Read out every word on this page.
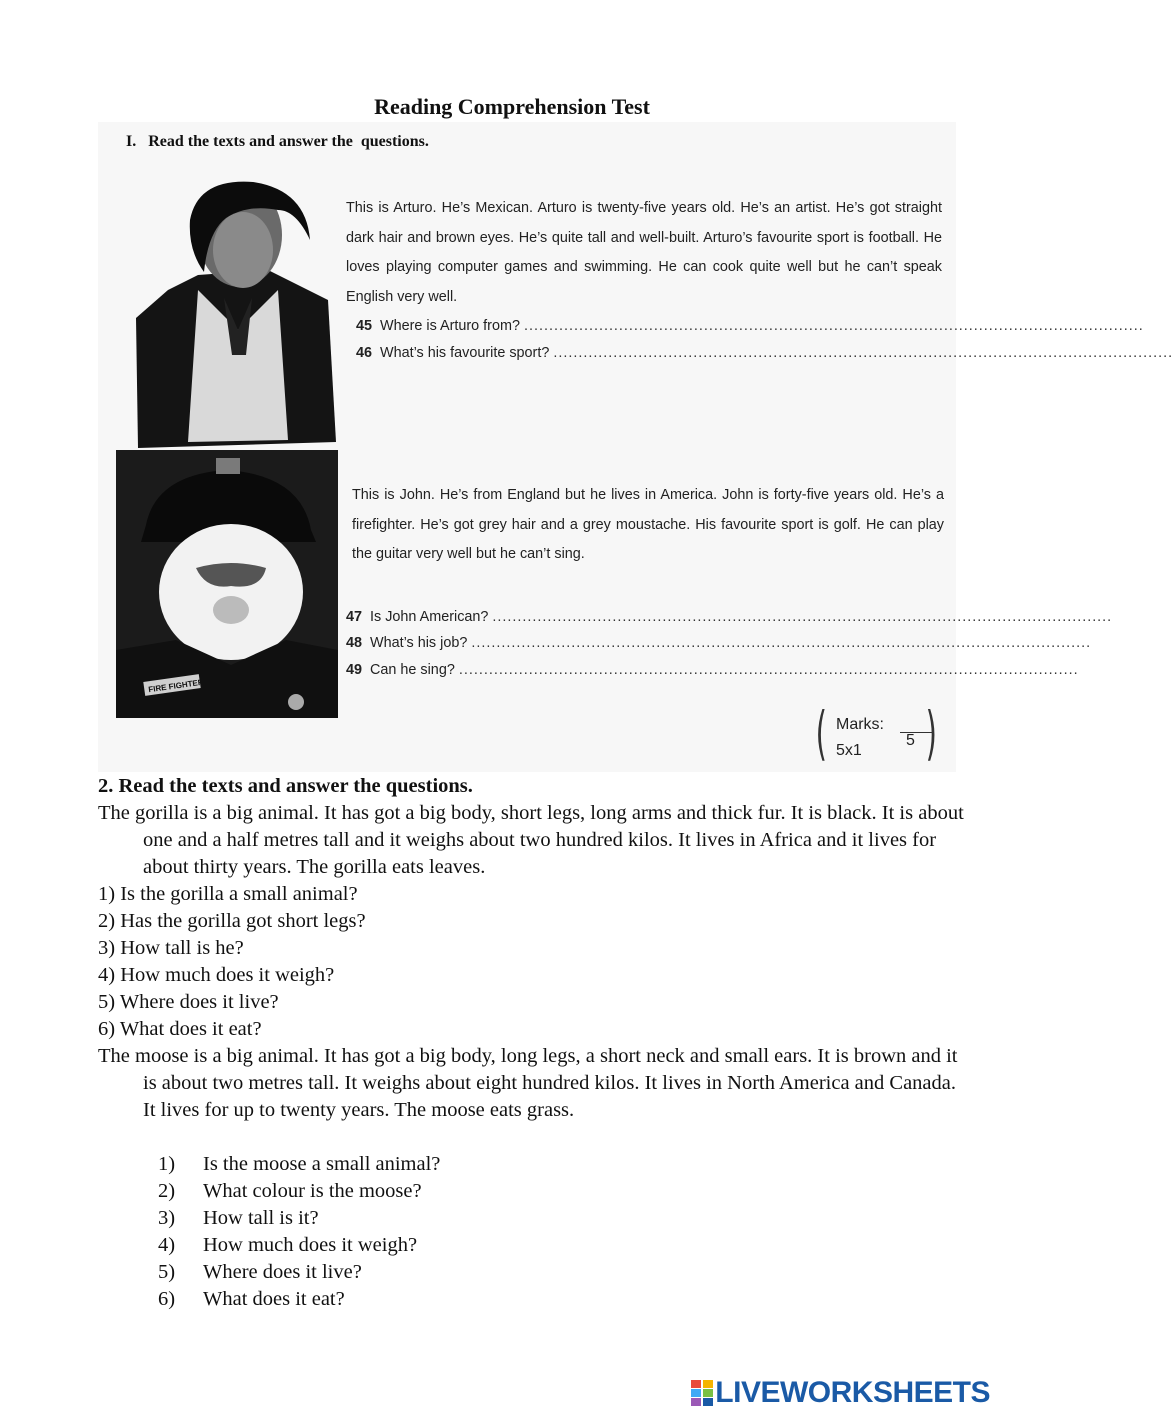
Reading Comprehension Test
I.   Read the texts and answer the  questions.
This is Arturo. He’s Mexican. Arturo is twenty-five years old. He’s an artist. He’s got straight dark hair and brown eyes. He’s quite tall and well-built. Arturo’s favourite sport is football. He loves playing computer games and swimming. He can cook quite well but he can’t speak English very well.
45 Where is Arturo from? ............................................................................................................................
46 What’s his favourite sport? ............................................................................................................................
FIRE FIGHTER
This is John. He’s from England but he lives in America. John is forty-five years old. He’s a firefighter. He’s got grey hair and a grey moustache. His favourite sport is golf. He can play the guitar very well but he can’t sing.
47 Is John American? ............................................................................................................................
48 What’s his job? ............................................................................................................................
49 Can he sing? ............................................................................................................................
( Marks:
5
5x1 )
2. Read the texts and answer the questions.
The gorilla is a big animal. It has got a big body, short legs, long arms and thick fur. It is black. It is about one and a half metres tall and it weighs about two hundred kilos. It lives in Africa and it lives for about thirty years. The gorilla eats leaves.
1) Is the gorilla a small animal?
2) Has the gorilla got short legs?
3) How tall is he?
4) How much does it weigh?
5) Where does it live?
6) What does it eat?
The moose is a big animal. It has got a big body, long legs, a short neck and small ears. It is brown and it is about two metres tall. It weighs about eight hundred kilos. It lives in North America and Canada. It lives for up to twenty years. The moose eats grass.
1) Is the moose a small animal?
2) What colour is the moose?
3) How tall is it?
4) How much does it weigh?
5) Where does it live?
6) What does it eat?
LIVEWORKSHEETS
